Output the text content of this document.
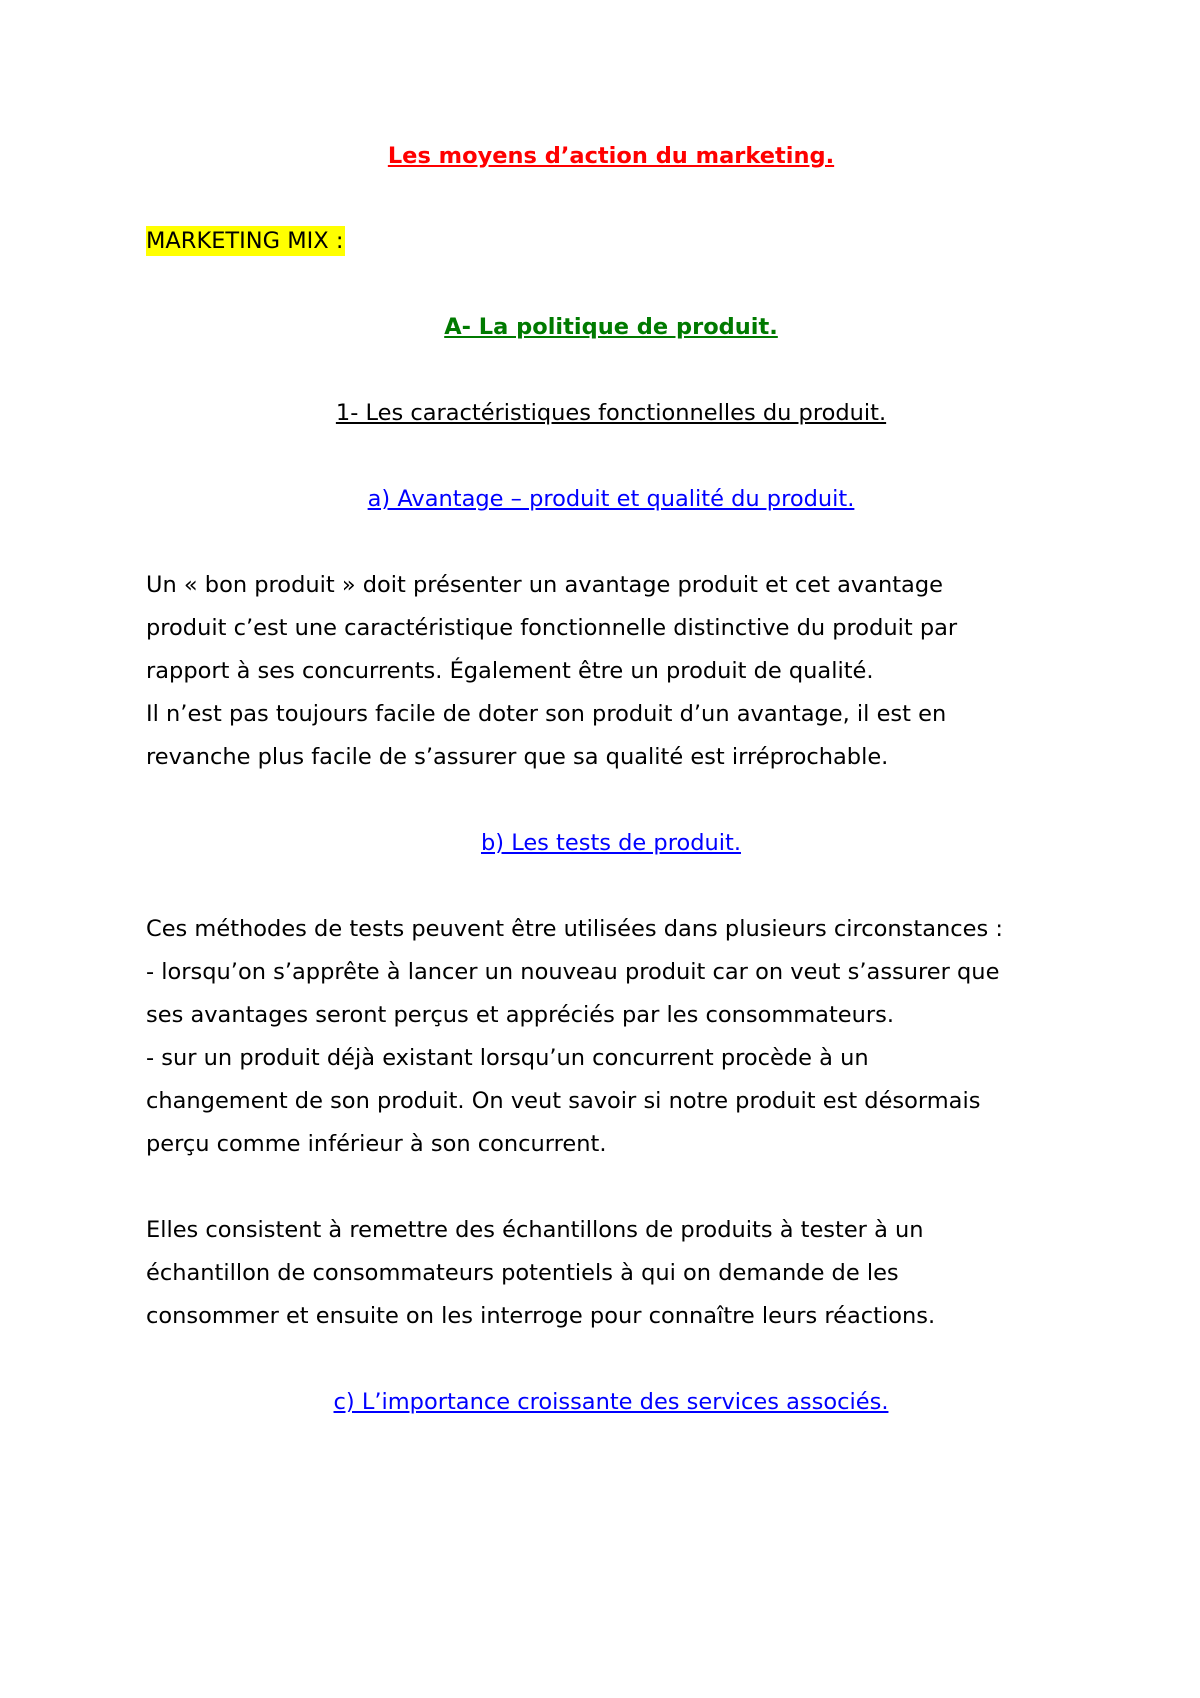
Les moyens d’action du marketing.
MARKETING MIX :
A- La politique de produit.
1- Les caractéristiques fonctionnelles du produit.
a) Avantage – produit et qualité du produit.
Un « bon produit » doit présenter un avantage produit et cet avantage
produit c’est une caractéristique fonctionnelle distinctive du produit par
rapport à ses concurrents. Également être un produit de qualité.
Il n’est pas toujours facile de doter son produit d’un avantage, il est en
revanche plus facile de s’assurer que sa qualité est irréprochable.
b) Les tests de produit.
Ces méthodes de tests peuvent être utilisées dans plusieurs circonstances :
- lorsqu’on s’apprête à lancer un nouveau produit car on veut s’assurer que
ses avantages seront perçus et appréciés par les consommateurs.
- sur un produit déjà existant lorsqu’un concurrent procède à un
changement de son produit. On veut savoir si notre produit est désormais
perçu comme inférieur à son concurrent.
Elles consistent à remettre des échantillons de produits à tester à un
échantillon de consommateurs potentiels à qui on demande de les
consommer et ensuite on les interroge pour connaître leurs réactions.
c) L’importance croissante des services associés.
